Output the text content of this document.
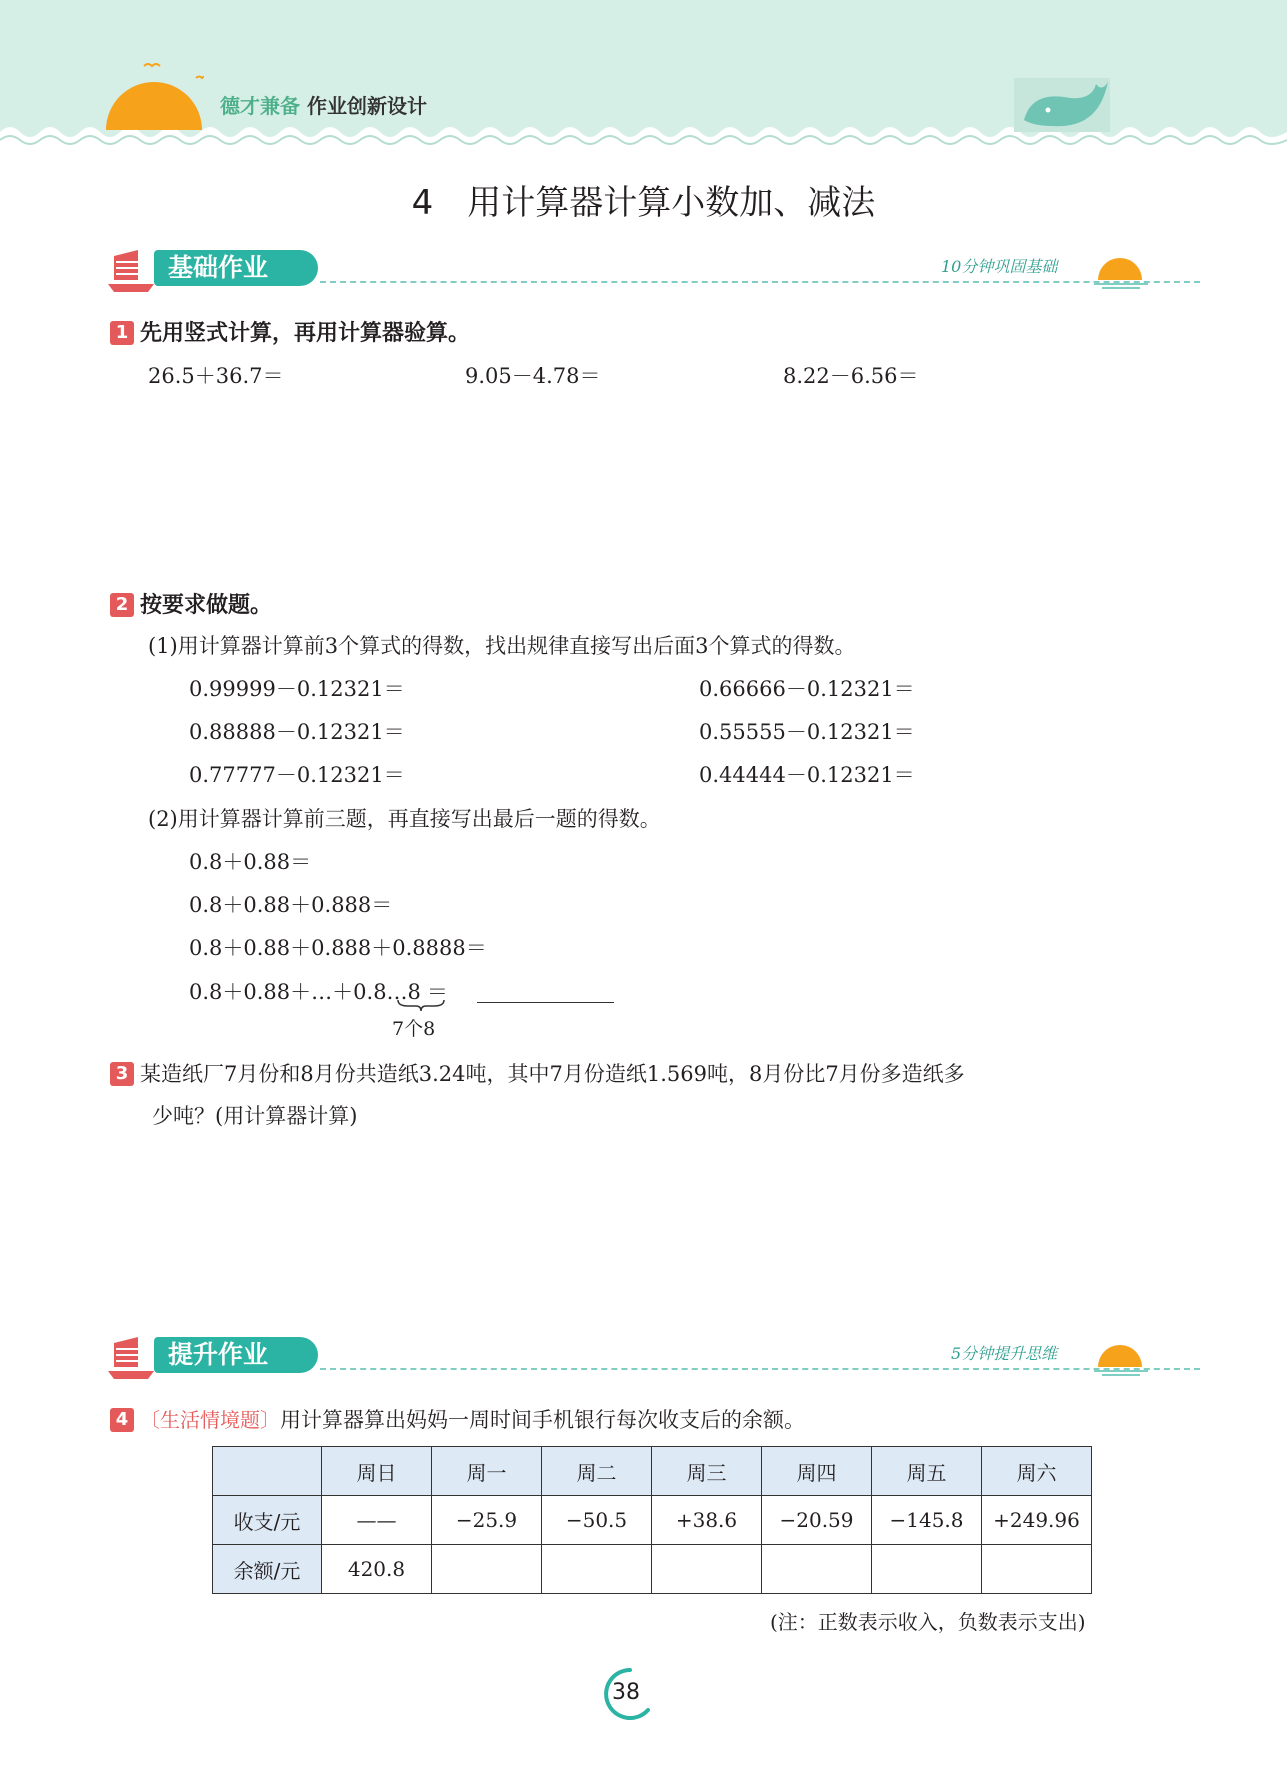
德才兼备 作业创新设计
4　用计算器计算小数加、减法
基础作业	10分钟巩固基础
1 先用竖式计算，再用计算器验算。
26.5＋36.7＝	9.05－4.78＝	8.22－6.56＝
2 按要求做题。
(1)用计算器计算前3个算式的得数，找出规律直接写出后面3个算式的得数。
0.99999－0.12321＝
0.88888－0.12321＝
0.77777－0.12321＝
0.66666－0.12321＝
0.55555－0.12321＝
0.44444－0.12321＝
(2)用计算器计算前三题，再直接写出最后一题的得数。
0.8＋0.88＝
0.8＋0.88＋0.888＝
0.8＋0.88＋0.888＋0.8888＝
0.8＋0.88＋…＋0.8…8 ＝
7个8
3 某造纸厂7月份和8月份共造纸3.24吨，其中7月份造纸1.569吨，8月份比7月份多造纸多
少吨？(用计算器计算)
提升作业	5分钟提升思维
4 〔生活情境题〕用计算器算出妈妈一周时间手机银行每次收支后的余额。
	周日	周一	周二	周三	周四	周五	周六
收支/元	——	−25.9	−50.5	+38.6	−20.59	−145.8	+249.96
余额/元	420.8						
(注：正数表示收入，负数表示支出)
38
